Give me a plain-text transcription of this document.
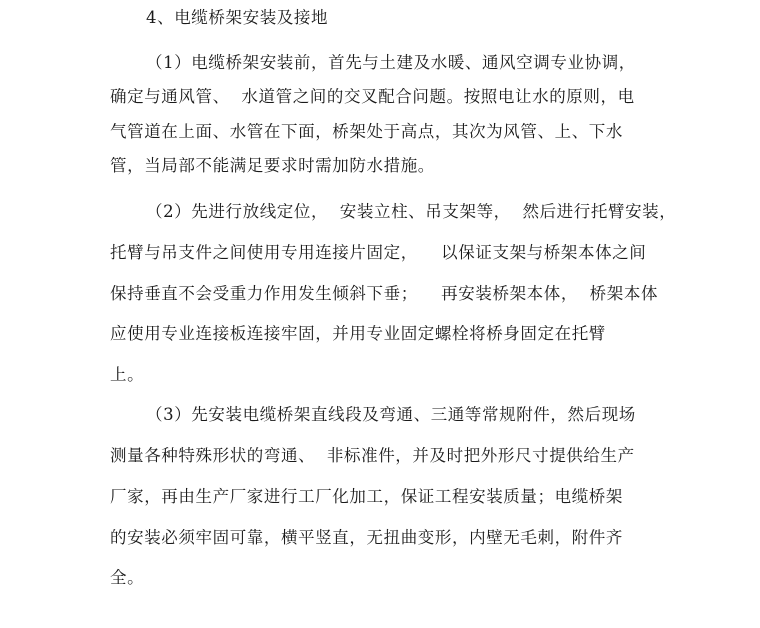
4、电缆桥架安装及接地
（1）电缆桥架安装前，首先与土建及水暖、通风空调专业协调，
确定与通风管、  水道管之间的交叉配合问题。按照电让水的原则，电
气管道在上面、水管在下面，桥架处于高点，其次为风管、上、下水
管，当局部不能满足要求时需加防水措施。
（2）先进行放线定位，  安装立柱、吊支架等，  然后进行托臂安装，
托臂与吊支件之间使用专用连接片固定，    以保证支架与桥架本体之间
保持垂直不会受重力作用发生倾斜下垂；    再安装桥架本体，  桥架本体
应使用专业连接板连接牢固，并用专业固定螺栓将桥身固定在托臂
上。
（3）先安装电缆桥架直线段及弯通、三通等常规附件，然后现场
测量各种特殊形状的弯通、  非标准件，并及时把外形尺寸提供给生产
厂家，再由生产厂家进行工厂化加工，保证工程安装质量；电缆桥架
的安装必须牢固可靠，横平竖直，无扭曲变形，内壁无毛刺，附件齐
全。
